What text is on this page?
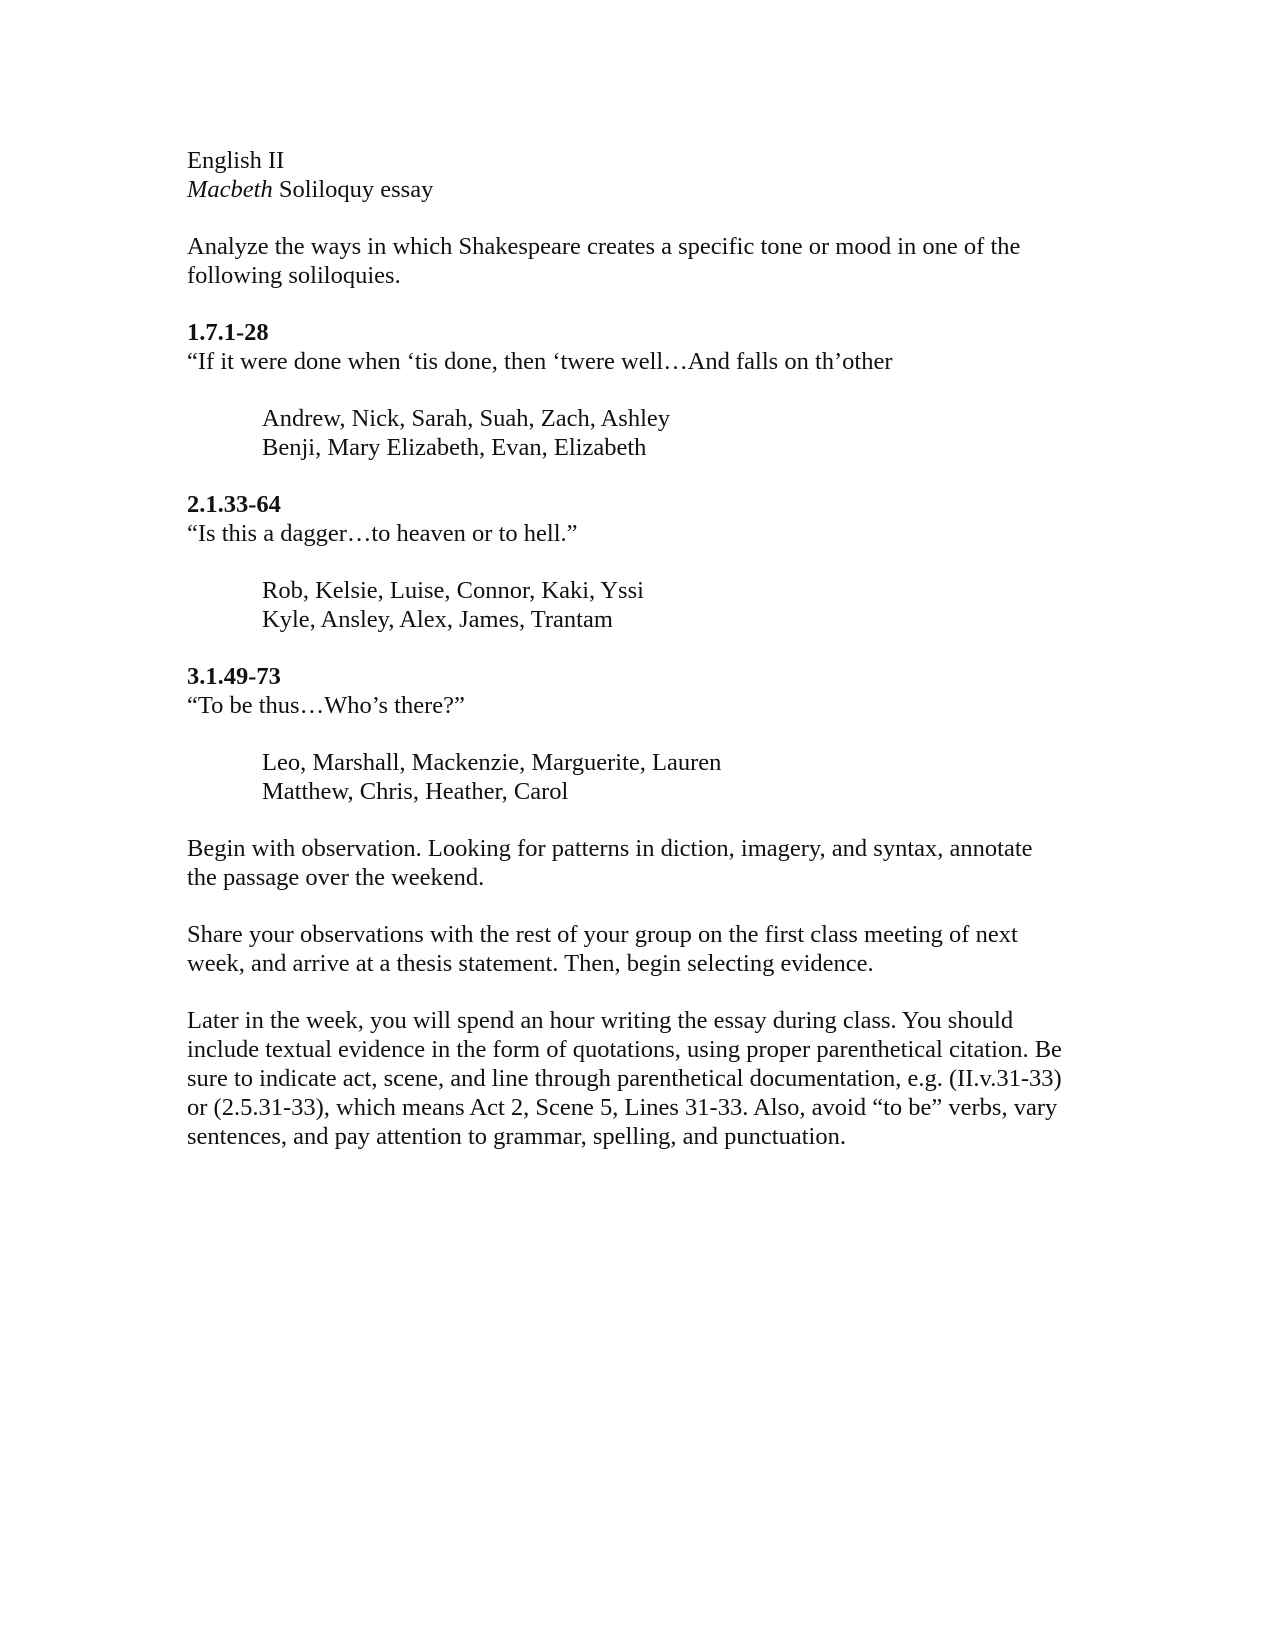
English II
Macbeth Soliloquy essay
Analyze the ways in which Shakespeare creates a specific tone or mood in one of the
following soliloquies.
1.7.1-28
“If it were done when ‘tis done, then ‘twere well…And falls on th’other
Andrew, Nick, Sarah, Suah, Zach, Ashley
Benji, Mary Elizabeth, Evan, Elizabeth
2.1.33-64
“Is this a dagger…to heaven or to hell.”
Rob, Kelsie, Luise, Connor, Kaki, Yssi
Kyle, Ansley, Alex, James, Trantam
3.1.49-73
“To be thus…Who’s there?”
Leo, Marshall, Mackenzie, Marguerite, Lauren
Matthew, Chris, Heather, Carol
Begin with observation. Looking for patterns in diction, imagery, and syntax, annotate
the passage over the weekend.
Share your observations with the rest of your group on the first class meeting of next
week, and arrive at a thesis statement. Then, begin selecting evidence.
Later in the week, you will spend an hour writing the essay during class. You should
include textual evidence in the form of quotations, using proper parenthetical citation. Be
sure to indicate act, scene, and line through parenthetical documentation, e.g. (II.v.31-33)
or (2.5.31-33), which means Act 2, Scene 5, Lines 31-33. Also, avoid “to be” verbs, vary
sentences, and pay attention to grammar, spelling, and punctuation.
